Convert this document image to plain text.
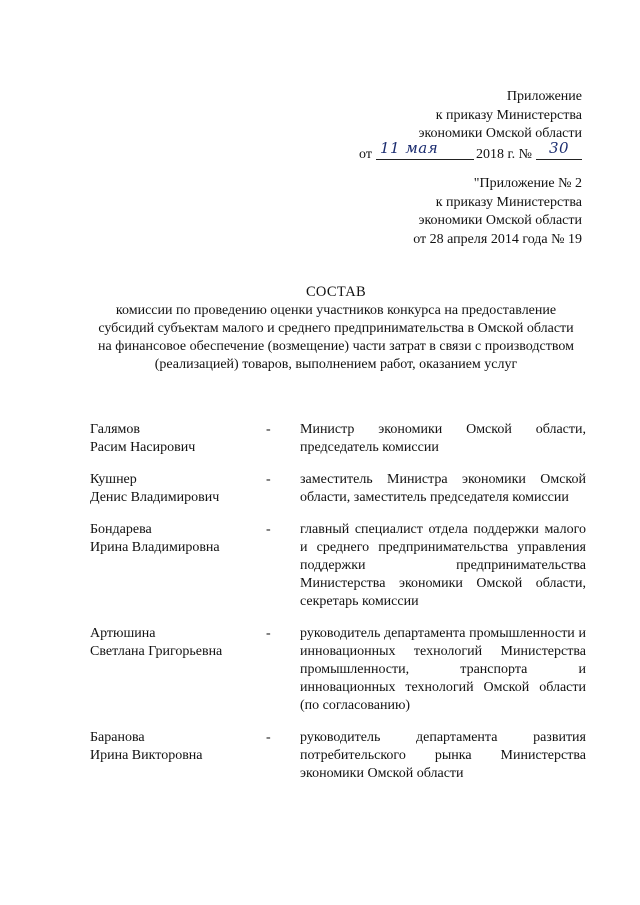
Приложение
к приказу Министерства
экономики Омской области
от 11 мая	2018 г. №	30
"Приложение № 2
к приказу Министерства
экономики Омской области
от 28 апреля 2014 года № 19
СОСТАВ
комиссии по проведению оценки участников конкурса на предоставление субсидий субъектам малого и среднего предпринимательства в Омской области на финансовое обеспечение (возмещение) части затрат в связи с производством (реализацией) товаров, выполнением работ, оказанием услуг
Галямов
Расим Насирович
-	Министр экономики Омской области, председатель комиссии
Кушнер
Денис Владимирович
-	заместитель Министра экономики Омской области, заместитель председателя комиссии
Бондарева
Ирина Владимировна
-	главный специалист отдела поддержки малого и среднего предпринимательства управления поддержки предпринимательства Министерства экономики Омской области, секретарь комиссии
Артюшина
Светлана Григорьевна
-	руководитель департамента промышленности и инновационных технологий Министерства промышленности, транспорта и инновационных технологий Омской области (по согласованию)
Баранова
Ирина Викторовна
-	руководитель департамента развития потребительского рынка Министерства экономики Омской области
